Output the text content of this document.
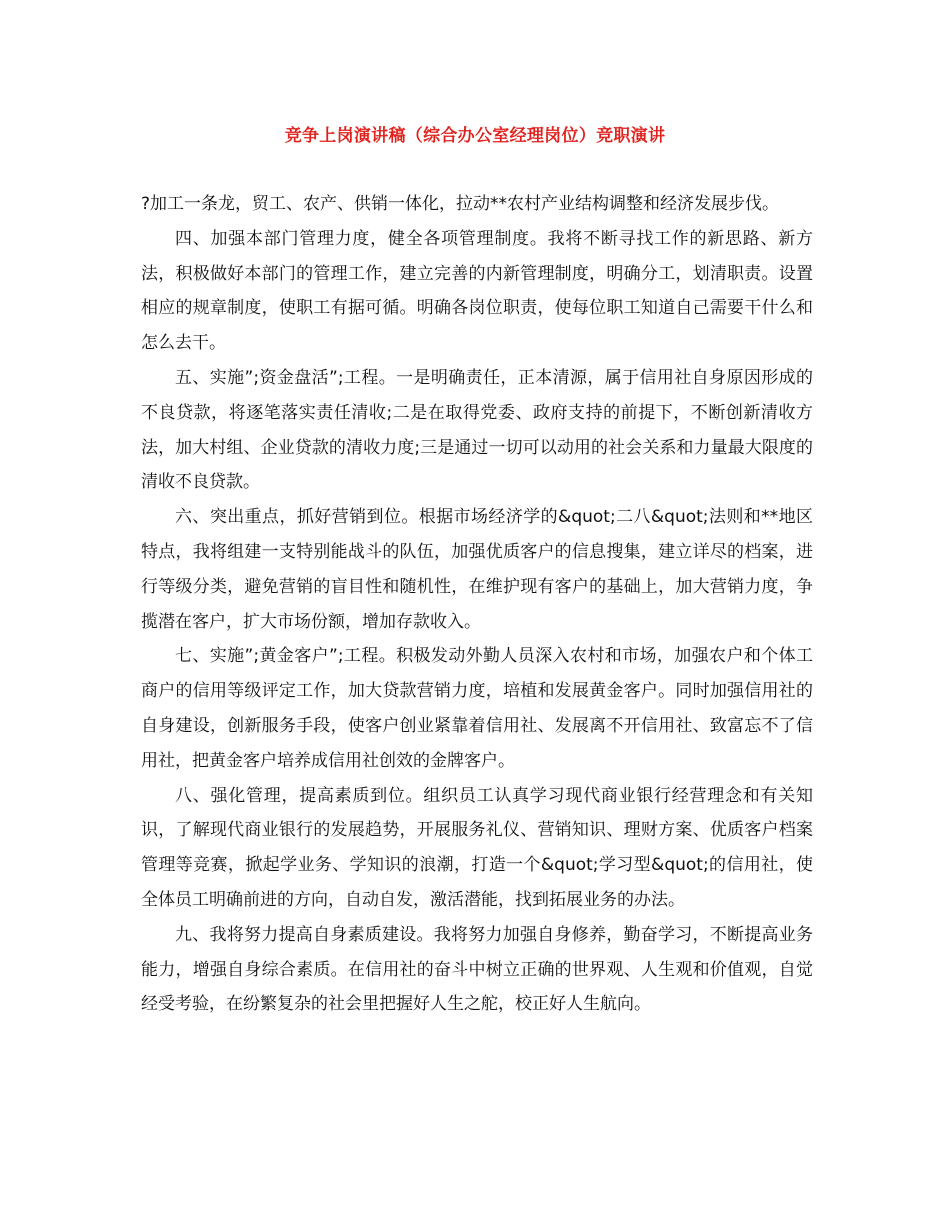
竞争上岗演讲稿（综合办公室经理岗位）竞职演讲

?加工一条龙，贸工、农产、供销一体化，拉动**农村产业结构调整和经济发展步伐。

四、加强本部门管理力度，健全各项管理制度。我将不断寻找工作的新思路、新方法，积极做好本部门的管理工作，建立完善的内新管理制度，明确分工，划清职责。设置相应的规章制度，使职工有据可循。明确各岗位职责，使每位职工知道自己需要干什么和怎么去干。

五、实施”;资金盘活”;工程。一是明确责任，正本清源，属于信用社自身原因形成的不良贷款，将逐笔落实责任清收;二是在取得党委、政府支持的前提下，不断创新清收方法，加大村组、企业贷款的清收力度;三是通过一切可以动用的社会关系和力量最大限度的清收不良贷款。

六、突出重点，抓好营销到位。根据市场经济学的&quot;二八&quot;法则和**地区特点，我将组建一支特别能战斗的队伍，加强优质客户的信息搜集，建立详尽的档案，进行等级分类，避免营销的盲目性和随机性，在维护现有客户的基础上，加大营销力度，争揽潜在客户，扩大市场份额，增加存款收入。

七、实施”;黄金客户”;工程。积极发动外勤人员深入农村和市场，加强农户和个体工商户的信用等级评定工作，加大贷款营销力度，培植和发展黄金客户。同时加强信用社的自身建设，创新服务手段，使客户创业紧靠着信用社、发展离不开信用社、致富忘不了信用社，把黄金客户培养成信用社创效的金牌客户。

八、强化管理，提高素质到位。组织员工认真学习现代商业银行经营理念和有关知识，了解现代商业银行的发展趋势，开展服务礼仪、营销知识、理财方案、优质客户档案管理等竞赛，掀起学业务、学知识的浪潮，打造一个&quot;学习型&quot;的信用社，使全体员工明确前进的方向，自动自发，激活潜能，找到拓展业务的办法。

九、我将努力提高自身素质建设。我将努力加强自身修养，勤奋学习，不断提高业务能力，增强自身综合素质。在信用社的奋斗中树立正确的世界观、人生观和价值观，自觉经受考验，在纷繁复杂的社会里把握好人生之舵，校正好人生航向。
